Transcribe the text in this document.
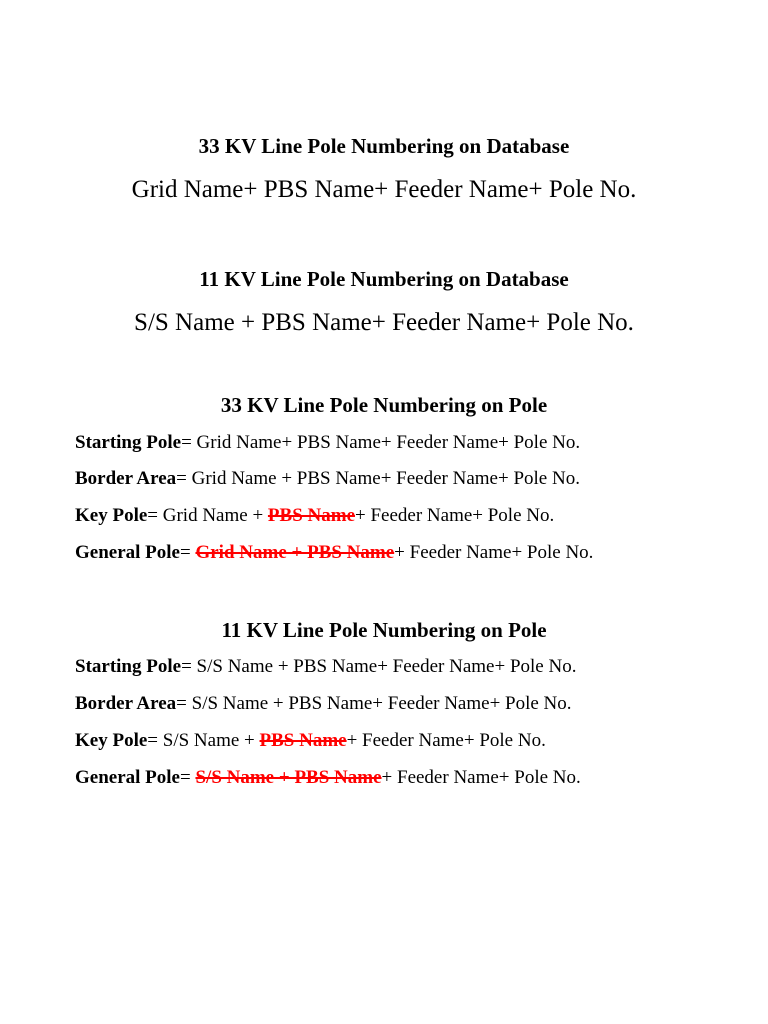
33 KV Line Pole Numbering on Database
Grid Name+ PBS Name+ Feeder Name+ Pole No.
11 KV Line Pole Numbering on Database
S/S Name + PBS Name+ Feeder Name+ Pole No.
33 KV Line Pole Numbering on Pole
Starting Pole= Grid Name+ PBS Name+ Feeder Name+ Pole No.
Border Area= Grid Name + PBS Name+ Feeder Name+ Pole No.
Key Pole= Grid Name + PBS Name+ Feeder Name+ Pole No.
General Pole= Grid Name + PBS Name+ Feeder Name+ Pole No.
11 KV Line Pole Numbering on Pole
Starting Pole= S/S Name + PBS Name+ Feeder Name+ Pole No.
Border Area= S/S Name + PBS Name+ Feeder Name+ Pole No.
Key Pole= S/S Name + PBS Name+ Feeder Name+ Pole No.
General Pole= S/S Name + PBS Name+ Feeder Name+ Pole No.
